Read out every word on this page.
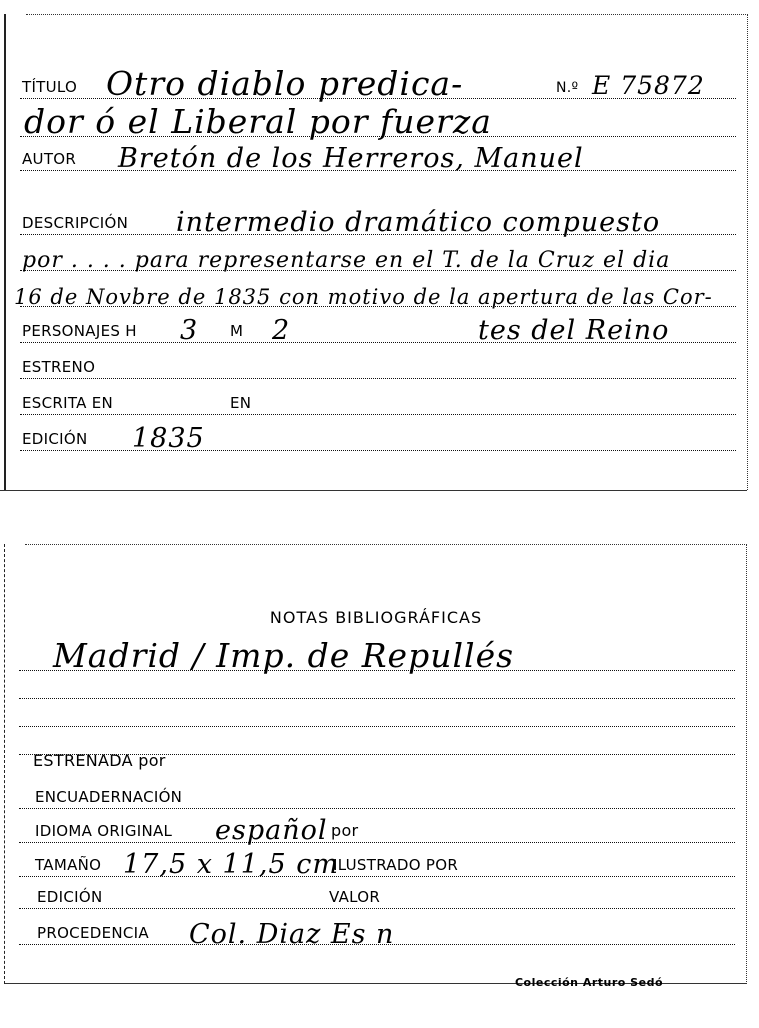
TÍTULO Otro diablo predica-	N.º E 75872
dor ó el Liberal por fuerza
AUTOR Bretón de los Herreros, Manuel
DESCRIPCIÓN intermedio dramático compuesto
por . . . . para representarse en el T. de la Cruz el dia
16 de Novbre de 1835 con motivo de la apertura de las Cor-
PERSONAJES H 3 M 2	tes del Reino
ESTRENO
ESCRITA EN	EN
EDICIÓN 1835
NOTAS BIBLIOGRÁFICAS
Madrid / Imp. de Repullés
ESTRENADA por
ENCUADERNACIÓN
IDIOMA ORIGINAL español por
TAMAÑO 17,5 x 11,5 cm
ILUSTRADO POR
EDICIÓN	VALOR
PROCEDENCIA Col. Diaz Es n
Colección Arturo Sedó
